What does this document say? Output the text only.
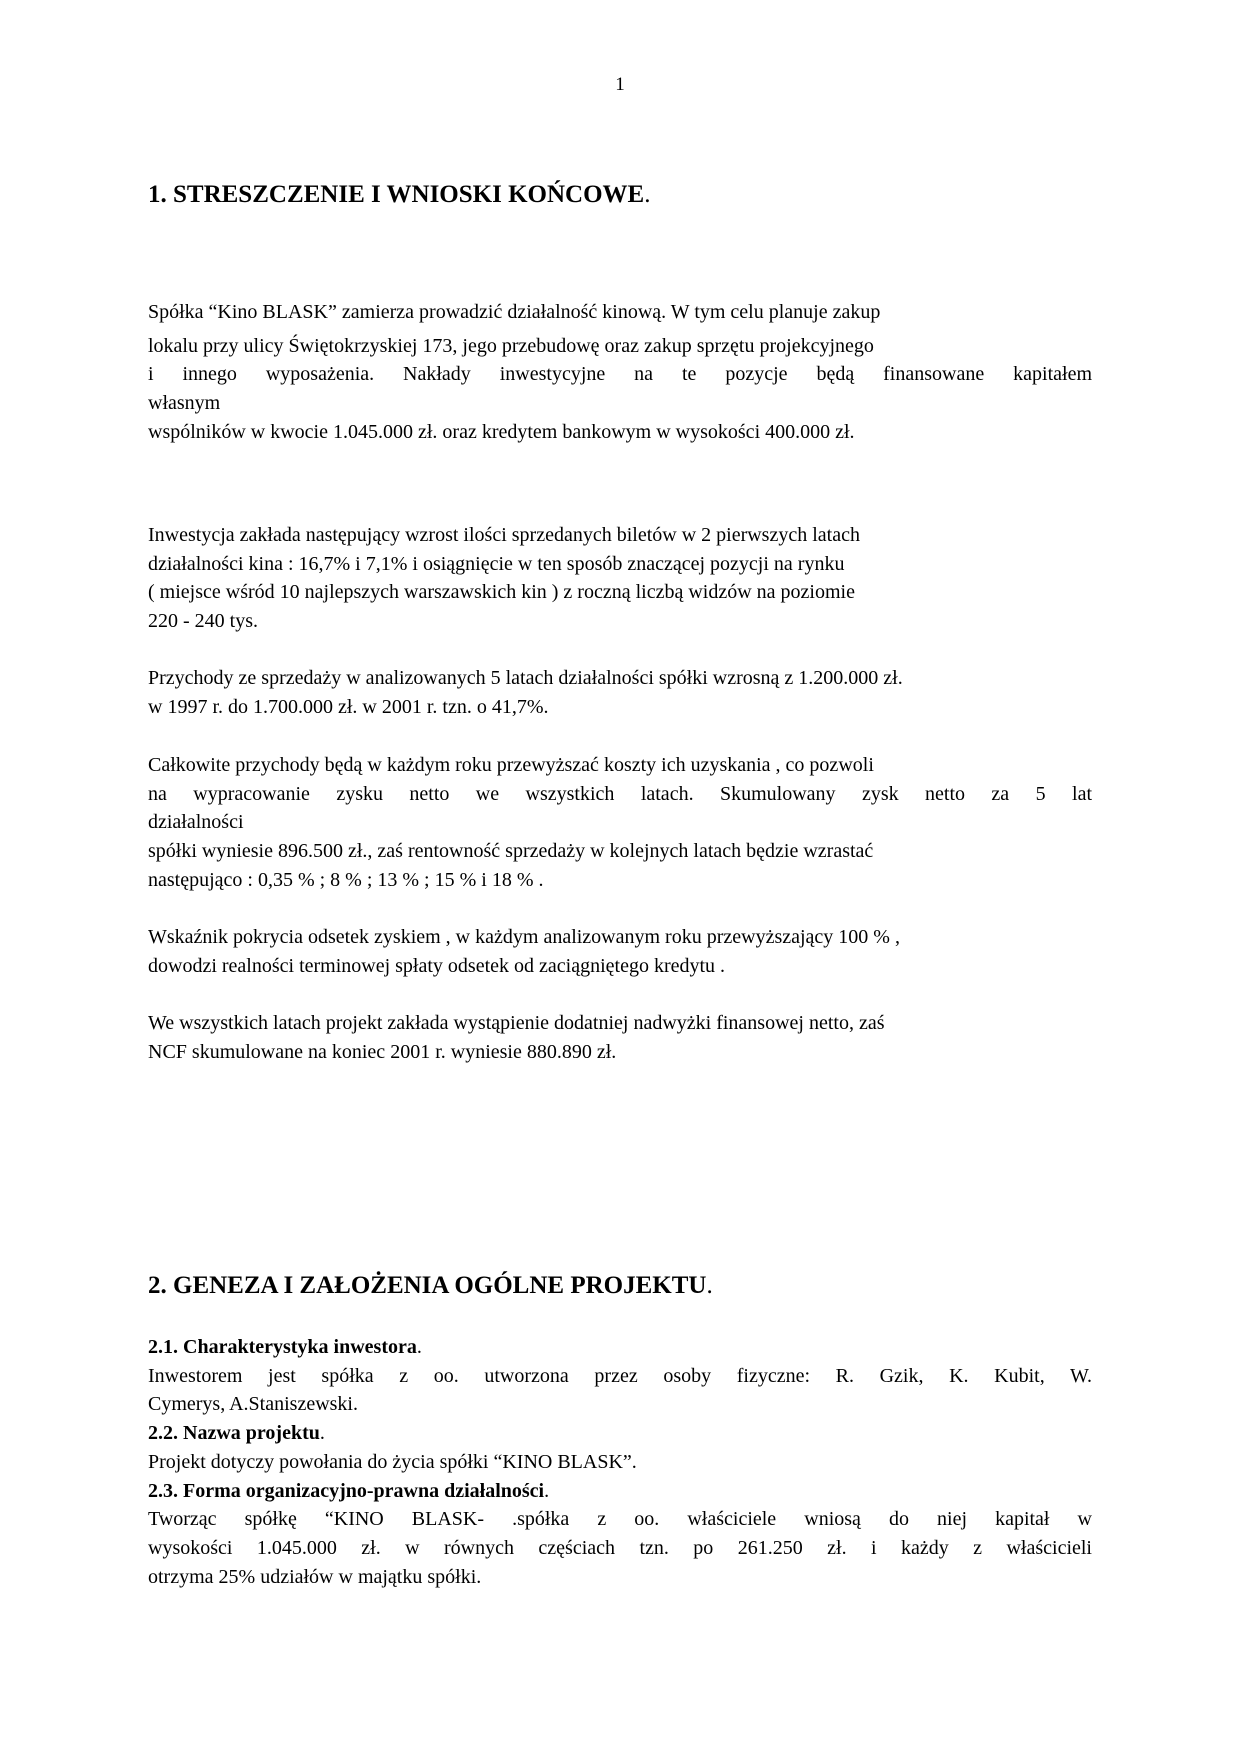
1
1. STRESZCZENIE I WNIOSKI KOŃCOWE.
Spółka “Kino BLASK” zamierza prowadzić działalność kinową. W tym celu planuje zakup
lokalu przy ulicy Świętokrzyskiej 173, jego przebudowę oraz zakup sprzętu projekcyjnego
i innego wyposażenia. Nakłady inwestycyjne na te pozycje będą finansowane kapitałem
własnym
wspólników w kwocie 1.045.000 zł. oraz kredytem bankowym w wysokości 400.000 zł.
Inwestycja zakłada następujący wzrost ilości sprzedanych biletów w 2 pierwszych latach
działalności kina : 16,7% i 7,1% i osiągnięcie w ten sposób znaczącej pozycji na rynku
( miejsce wśród 10 najlepszych warszawskich kin ) z roczną liczbą widzów na poziomie
220 - 240 tys.
Przychody ze sprzedaży w analizowanych 5 latach działalności spółki wzrosną z 1.200.000 zł.
w 1997 r. do 1.700.000 zł. w 2001 r. tzn. o 41,7%.
Całkowite przychody będą w każdym roku przewyższać koszty ich uzyskania , co pozwoli
na wypracowanie zysku netto we wszystkich latach. Skumulowany zysk netto za 5 lat
działalności
spółki wyniesie 896.500 zł., zaś rentowność sprzedaży w kolejnych latach będzie wzrastać
następująco : 0,35 % ; 8 % ; 13 % ; 15 % i 18 % .
Wskaźnik pokrycia odsetek zyskiem , w każdym analizowanym roku przewyższający 100 % ,
dowodzi realności terminowej spłaty odsetek od zaciągniętego kredytu .
We wszystkich latach projekt zakłada wystąpienie dodatniej nadwyżki finansowej netto, zaś
NCF skumulowane na koniec 2001 r. wyniesie 880.890 zł.
2. GENEZA I ZAŁOŻENIA OGÓLNE PROJEKTU.
2.1. Charakterystyka inwestora.
Inwestorem jest spółka z oo. utworzona przez osoby fizyczne: R. Gzik, K. Kubit, W.
Cymerys, A.Staniszewski.
2.2. Nazwa projektu.
Projekt dotyczy powołania do życia spółki “KINO BLASK”.
2.3. Forma organizacyjno-prawna działalności.
Tworząc spółkę “KINO BLASK- .spółka z oo. właściciele wniosą do niej kapitał w
wysokości 1.045.000 zł. w równych częściach tzn. po 261.250 zł. i każdy z właścicieli
otrzyma 25% udziałów w majątku spółki.
